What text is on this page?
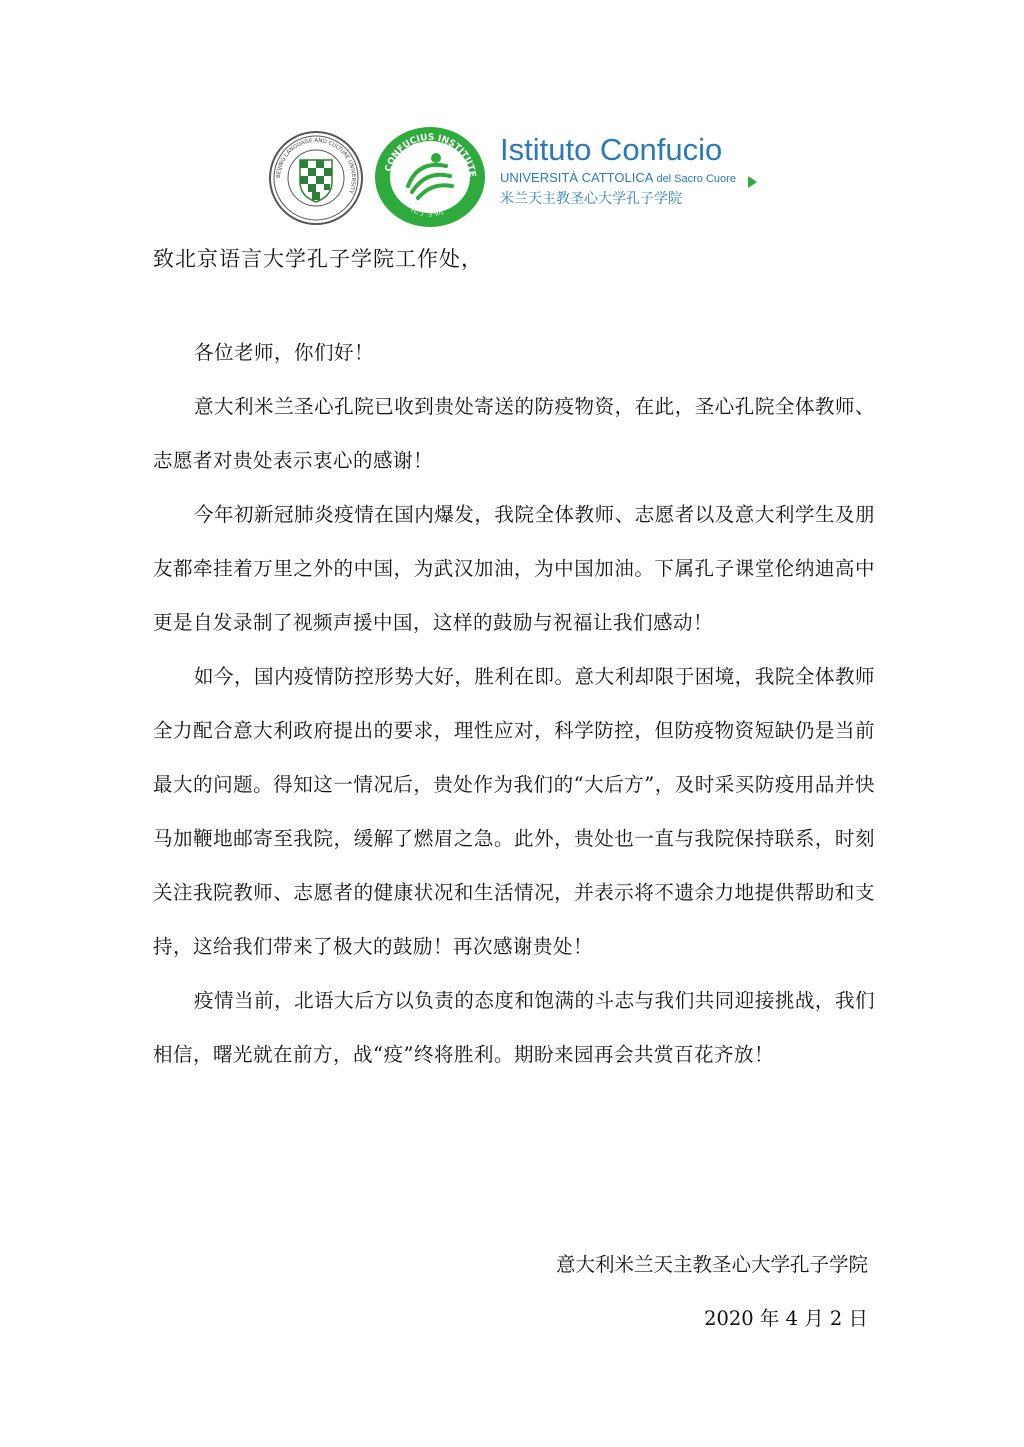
BEIJING LANGUAGE AND CULTURE UNIVERSITY
CONFUCIUS INSTITUTE
孔子学院
Istituto Confucio
UNIVERSITÀ CATTOLICA del Sacro Cuore
米兰天主教圣心大学孔子学院
致北京语言大学孔子学院工作处，

各位老师，你们好！

意大利米兰圣心孔院已收到贵处寄送的防疫物资，在此，圣心孔院全体教师、志愿者对贵处表示衷心的感谢！

今年初新冠肺炎疫情在国内爆发，我院全体教师、志愿者以及意大利学生及朋友都牵挂着万里之外的中国，为武汉加油，为中国加油。下属孔子课堂伦纳迪高中更是自发录制了视频声援中国，这样的鼓励与祝福让我们感动！

如今，国内疫情防控形势大好，胜利在即。意大利却限于困境，我院全体教师全力配合意大利政府提出的要求，理性应对，科学防控，但防疫物资短缺仍是当前最大的问题。得知这一情况后，贵处作为我们的“大后方”，及时采买防疫用品并快马加鞭地邮寄至我院，缓解了燃眉之急。此外，贵处也一直与我院保持联系，时刻关注我院教师、志愿者的健康状况和生活情况，并表示将不遗余力地提供帮助和支持，这给我们带来了极大的鼓励！再次感谢贵处！

疫情当前，北语大后方以负责的态度和饱满的斗志与我们共同迎接挑战，我们相信，曙光就在前方，战“疫”终将胜利。期盼来园再会共赏百花齐放！

意大利米兰天主教圣心大学孔子学院
2020 年 4 月 2 日
